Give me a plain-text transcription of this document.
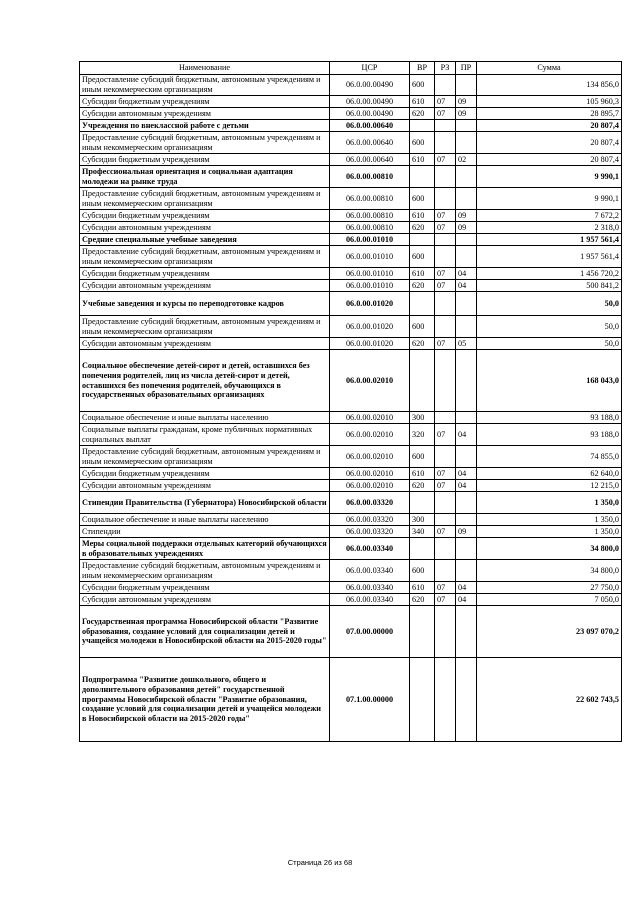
Наименование	ЦСР	ВР	РЗ	ПР	Сумма
Предоставление субсидий бюджетным, автономным учреждениям и иным некоммерческим организациям	06.0.00.00490	600			134 856,0
Субсидии бюджетным учреждениям	06.0.00.00490	610	07	09	105 960,3
Субсидии автономным учреждениям	06.0.00.00490	620	07	09	28 895,7
Учреждения по внеклассной работе с детьми	06.0.00.00640				20 807,4
Предоставление субсидий бюджетным, автономным учреждениям и иным некоммерческим организациям	06.0.00.00640	600			20 807,4
Субсидии бюджетным учреждениям	06.0.00.00640	610	07	02	20 807,4
Профессиональная ориентация и социальная адаптация молодежи на рынке труда	06.0.00.00810				9 990,1
Предоставление субсидий бюджетным, автономным учреждениям и иным некоммерческим организациям	06.0.00.00810	600			9 990,1
Субсидии бюджетным учреждениям	06.0.00.00810	610	07	09	7 672,2
Субсидии автономным учреждениям	06.0.00.00810	620	07	09	2 318,0
Средние специальные учебные заведения	06.0.00.01010				1 957 561,4
Предоставление субсидий бюджетным, автономным учреждениям и иным некоммерческим организациям	06.0.00.01010	600			1 957 561,4
Субсидии бюджетным учреждениям	06.0.00.01010	610	07	04	1 456 720,2
Субсидии автономным учреждениям	06.0.00.01010	620	07	04	500 841,2
Учебные заведения и курсы по переподготовке кадров	06.0.00.01020				50,0
Предоставление субсидий бюджетным, автономным учреждениям и иным некоммерческим организациям	06.0.00.01020	600			50,0
Субсидии автономным учреждениям	06.0.00.01020	620	07	05	50,0
Социальное обеспечение детей-сирот и детей, оставшихся без попечения родителей, лиц из числа детей-сирот и детей, оставшихся без попечения родителей, обучающихся в государственных образовательных организациях	06.0.00.02010				168 043,0
Социальное обеспечение и иные выплаты населению	06.0.00.02010	300			93 188,0
Социальные выплаты гражданам, кроме публичных нормативных социальных выплат	06.0.00.02010	320	07	04	93 188,0
Предоставление субсидий бюджетным, автономным учреждениям и иным некоммерческим организациям	06.0.00.02010	600			74 855,0
Субсидии бюджетным учреждениям	06.0.00.02010	610	07	04	62 640,0
Субсидии автономным учреждениям	06.0.00.02010	620	07	04	12 215,0
Стипендии Правительства (Губернатора) Новосибирской области	06.0.00.03320				1 350,0
Социальное обеспечение и иные выплаты населению	06.0.00.03320	300			1 350,0
Стипендии	06.0.00.03320	340	07	09	1 350,0
Меры социальной поддержки отдельных категорий обучающихся в образовательных учреждениях	06.0.00.03340				34 800,0
Предоставление субсидий бюджетным, автономным учреждениям и иным некоммерческим организациям	06.0.00.03340	600			34 800,0
Субсидии бюджетным учреждениям	06.0.00.03340	610	07	04	27 750,0
Субсидии автономным учреждениям	06.0.00.03340	620	07	04	7 050,0
Государственная программа Новосибирской области "Развитие образования, создание условий для социализации детей и учащейся молодежи в Новосибирской области на 2015-2020 годы"	07.0.00.00000				23 097 070,2
Подпрограмма "Развитие дошкольного, общего и дополнительного образования детей" государственной программы Новосибирской области "Развитие образования, создание условий для социализации детей и учащейся молодежи в Новосибирской области на 2015-2020 годы"	07.1.00.00000				22 602 743,5
Страница 26 из 68
